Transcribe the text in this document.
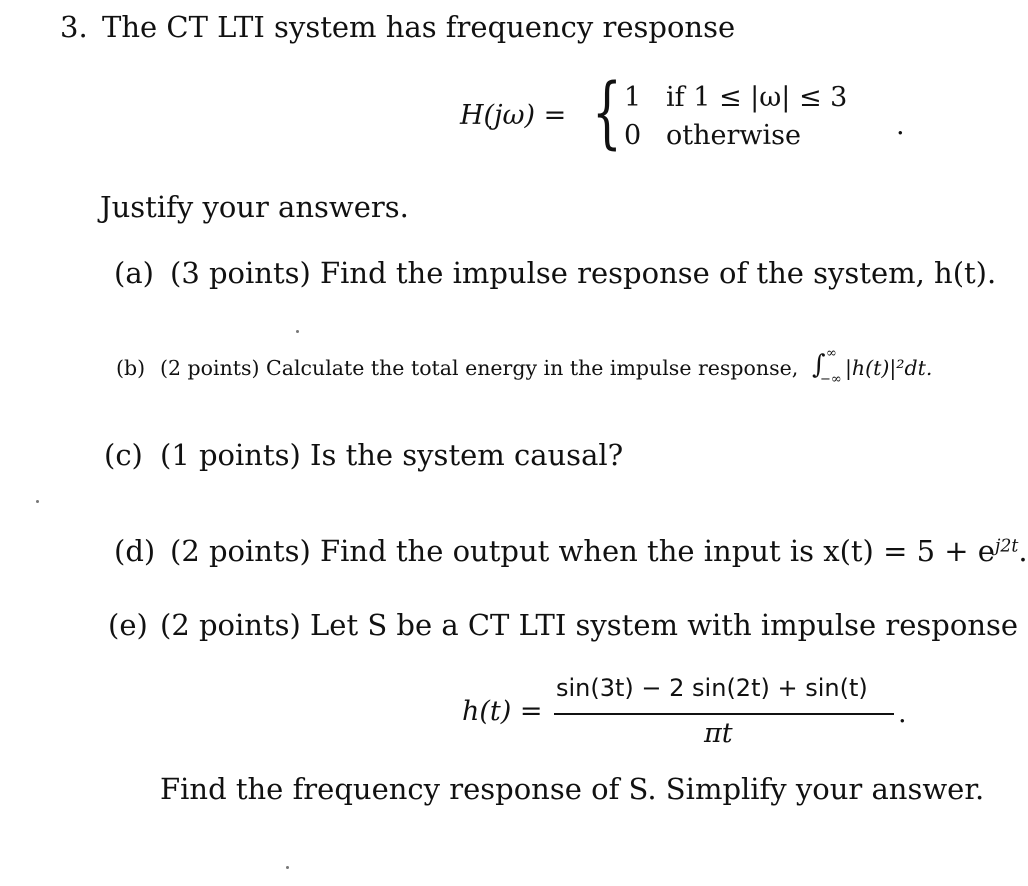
3. The CT LTI system has frequency response
H(jω) = { 1 if 1 ≤ |ω| ≤ 3
0 otherwise	.
Justify your answers.
(a) (3 points) Find the impulse response of the system, h(t).
(b) (2 points) Calculate the total energy in the impulse response, ∫ ∞
−∞ |h(t)|²dt.
(c) (1 points) Is the system causal?
(d) (2 points) Find the output when the input is $x(t) = 5 + e^{j2t}$.
(e) (2 points) Let S be a CT LTI system with impulse response
h(t) =
sin(3t) − 2 sin(2t) + sin(t)
πt
.
Find the frequency response of S. Simplify your answer.
